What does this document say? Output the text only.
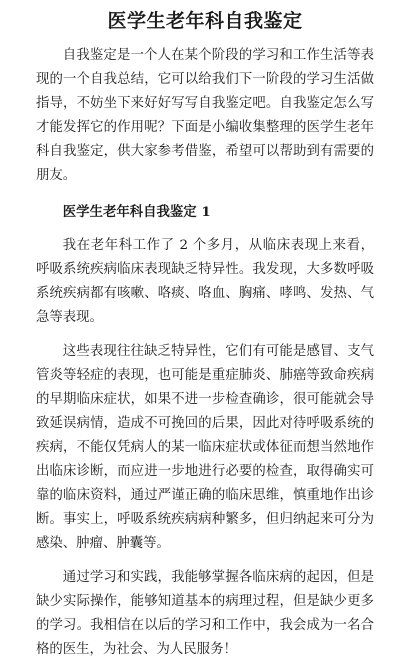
医学生老年科自我鉴定

自我鉴定是一个人在某个阶段的学习和工作生活等表现的一个自我总结，它可以给我们下一阶段的学习生活做指导，不妨坐下来好好写写自我鉴定吧。自我鉴定怎么写才能发挥它的作用呢？下面是小编收集整理的医学生老年科自我鉴定，供大家参考借鉴，希望可以帮助到有需要的朋友。

医学生老年科自我鉴定 1

我在老年科工作了 2 个多月，从临床表现上来看，呼吸系统疾病临床表现缺乏特异性。我发现，大多数呼吸系统疾病都有咳嗽、咯痰、咯血、胸痛、哮鸣、发热、气急等表现。

这些表现往往缺乏特异性，它们有可能是感冒、支气管炎等轻症的表现，也可能是重症肺炎、肺癌等致命疾病的早期临床症状，如果不进一步检查确诊，很可能就会导致延误病情，造成不可挽回的后果，因此对待呼吸系统的疾病，不能仅凭病人的某一临床症状或体征而想当然地作出临床诊断，而应进一步地进行必要的检查，取得确实可靠的临床资料，通过严谨正确的临床思维，慎重地作出诊断。事实上，呼吸系统疾病病种繁多，但归纳起来可分为感染、肿瘤、肿囊等。

通过学习和实践，我能够掌握各临床病的起因，但是缺少实际操作，能够知道基本的病理过程，但是缺少更多的学习。我相信在以后的学习和工作中，我会成为一名合格的医生，为社会、为人民服务！
